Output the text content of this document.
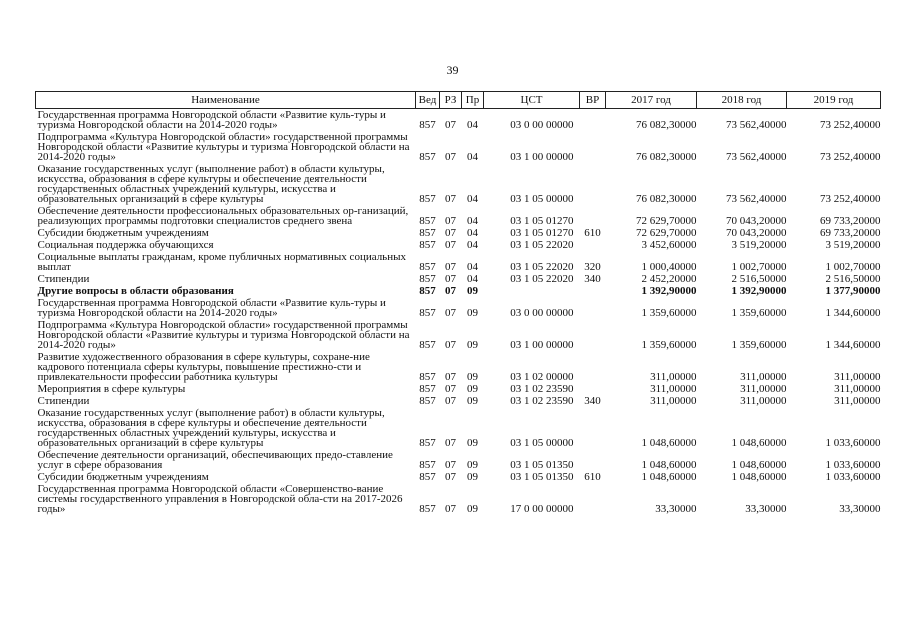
39
Наименование	Вед	РЗ	Пр	ЦСТ	ВР	2017 год	2018 год	2019 год
Государственная программа Новгородской области «Развитие куль-туры и туризма Новгородской области на 2014-2020 годы»	857	07	04	03 0 00 00000		76 082,30000	73 562,40000	73 252,40000
Подпрограмма «Культура Новгородской области» государственной программы Новгородской области «Развитие культуры и туризма Новгородской области на 2014-2020 годы»	857	07	04	03 1 00 00000		76 082,30000	73 562,40000	73 252,40000
Оказание государственных услуг (выполнение работ) в области культуры, искусства, образования в сфере культуры и обеспечение деятельности государственных областных учреждений культуры, искусства и образовательных организаций в сфере культуры	857	07	04	03 1 05 00000		76 082,30000	73 562,40000	73 252,40000
Обеспечение деятельности профессиональных образовательных ор-ганизаций, реализующих программы подготовки специалистов среднего звена	857	07	04	03 1 05 01270		72 629,70000	70 043,20000	69 733,20000
Субсидии бюджетным учреждениям	857	07	04	03 1 05 01270	610	72 629,70000	70 043,20000	69 733,20000
Социальная поддержка обучающихся	857	07	04	03 1 05 22020		3 452,60000	3 519,20000	3 519,20000
Социальные выплаты гражданам, кроме публичных нормативных социальных выплат	857	07	04	03 1 05 22020	320	1 000,40000	1 002,70000	1 002,70000
Стипендии	857	07	04	03 1 05 22020	340	2 452,20000	2 516,50000	2 516,50000
Другие вопросы в области образования	857	07	09			1 392,90000	1 392,90000	1 377,90000
Государственная программа Новгородской области «Развитие куль-туры и туризма Новгородской области на 2014-2020 годы»	857	07	09	03 0 00 00000		1 359,60000	1 359,60000	1 344,60000
Подпрограмма «Культура Новгородской области» государственной программы Новгородской области «Развитие культуры и туризма Новгородской области на 2014-2020 годы»	857	07	09	03 1 00 00000		1 359,60000	1 359,60000	1 344,60000
Развитие художественного образования в сфере культуры, сохране-ние кадрового потенциала сферы культуры, повышение престижно-сти и привлекательности профессии работника культуры	857	07	09	03 1 02 00000		311,00000	311,00000	311,00000
Мероприятия в сфере культуры	857	07	09	03 1 02 23590		311,00000	311,00000	311,00000
Стипендии	857	07	09	03 1 02 23590	340	311,00000	311,00000	311,00000
Оказание государственных услуг (выполнение работ) в области культуры, искусства, образования в сфере культуры и обеспечение деятельности государственных областных учреждений культуры, искусства и образовательных организаций в сфере культуры	857	07	09	03 1 05 00000		1 048,60000	1 048,60000	1 033,60000
Обеспечение деятельности организаций, обеспечивающих предо-ставление услуг в сфере образования	857	07	09	03 1 05 01350		1 048,60000	1 048,60000	1 033,60000
Субсидии бюджетным учреждениям	857	07	09	03 1 05 01350	610	1 048,60000	1 048,60000	1 033,60000
Государственная программа Новгородской области «Совершенство-вание системы государственного управления в Новгородской обла-сти на 2017-2026 годы»	857	07	09	17 0 00 00000		33,30000	33,30000	33,30000
